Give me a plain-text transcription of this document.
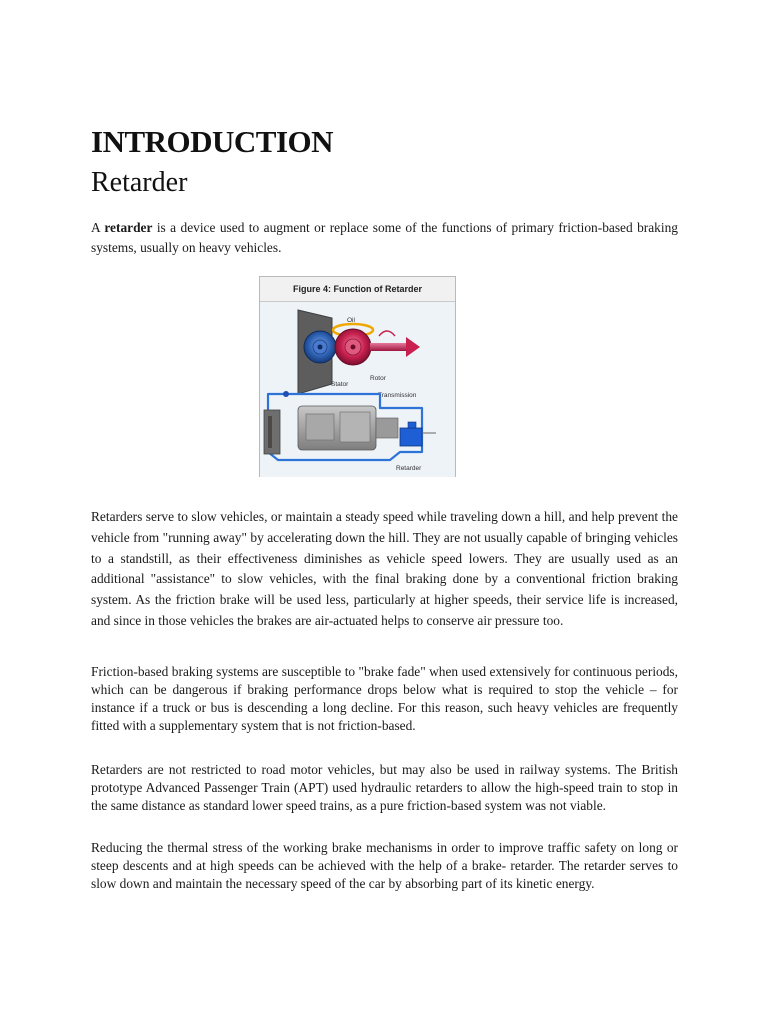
INTRODUCTION
Retarder

A retarder is a device used to augment or replace some of the functions of primary friction-based braking systems, usually on heavy vehicles.

Retarders serve to slow vehicles, or maintain a steady speed while traveling down a hill, and help prevent the vehicle from "running away" by accelerating down the hill. They are not usually capable of bringing vehicles to a standstill, as their effectiveness diminishes as vehicle speed lowers. They are usually used as an additional "assistance" to slow vehicles, with the final braking done by a conventional friction braking system. As the friction brake will be used less, particularly at higher speeds, their service life is increased, and since in those vehicles the brakes are air-actuated helps to conserve air pressure too.

Friction-based braking systems are susceptible to "brake fade" when used extensively for continuous periods, which can be dangerous if braking performance drops below what is required to stop the vehicle – for instance if a truck or bus is descending a long decline. For this reason, such heavy vehicles are frequently fitted with a supplementary system that is not friction-based.

Retarders are not restricted to road motor vehicles, but may also be used in railway systems. The British prototype Advanced Passenger Train (APT) used hydraulic retarders to allow the high-speed train to stop in the same distance as standard lower speed trains, as a pure friction-based system was not viable.

Reducing the thermal stress of the working brake mechanisms in order to improve traffic safety on long or steep descents and at high speeds can be achieved with the help of a brake- retarder. The retarder serves to slow down and maintain the necessary speed of the car by absorbing part of its kinetic energy.

Figure 4: Function of Retarder
Oil
Stator
Rotor
Transmission
Retarder
